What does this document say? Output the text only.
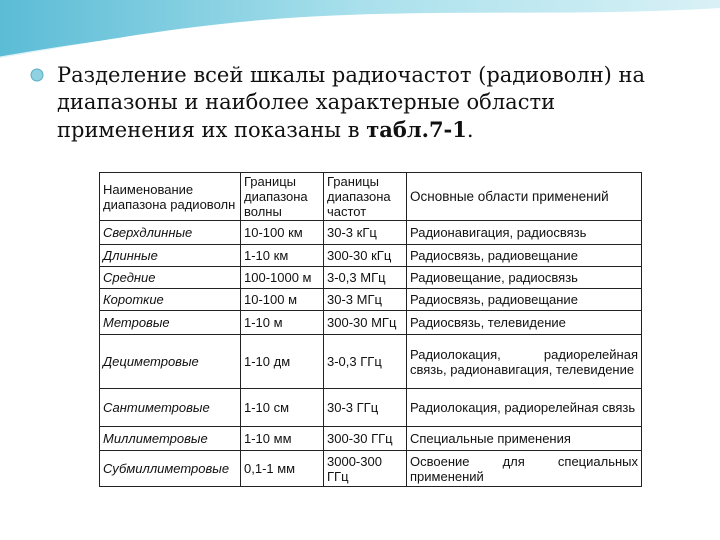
Разделение всей шкалы радиочастот (радиоволн) на диапазоны и наиболее характерные области применения их показаны в табл.7-1.
Наименование диапазона радиоволн	Границы диапазона волны	Границы диапазона частот	Основные области применений
Сверхдлинные	10-100 км	30-3 кГц	Радионавигация, радиосвязь
Длинные	1-10 км	300-30 кГц	Радиосвязь, радиовещание
Средние	100-1000 м	3-0,3 МГц	Радиовещание, радиосвязь
Короткие	10-100 м	30-3 МГц	Радиосвязь, радиовещание
Метровые	1-10 м	300-30 МГц	Радиосвязь, телевидение
Дециметровые	1-10 дм	3-0,3 ГГц	Радиолокация, радиорелейная связь, радионавигация, телевидение
Сантиметровые	1-10 см	30-3 ГГц	Радиолокация, радиорелейная связь
Миллиметровые	1-10 мм	300-30 ГГц	Специальные применения
Субмиллиметровые	0,1-1 мм	3000-300 ГГц	Освоение для специальных применений
